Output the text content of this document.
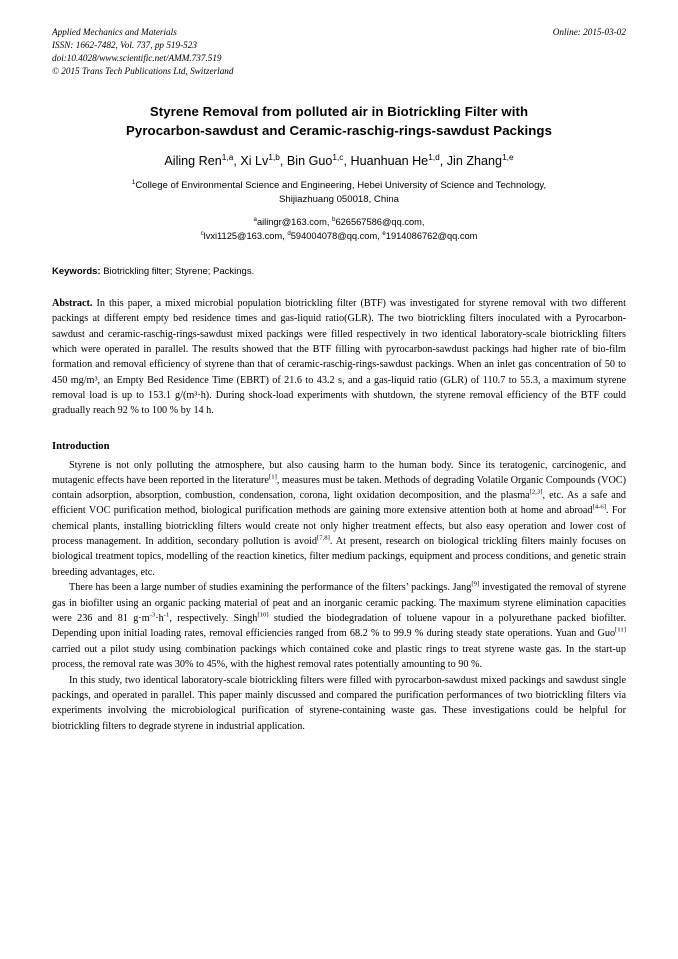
Online: 2015-03-02
Applied Mechanics and Materials
ISSN: 1662-7482, Vol. 737, pp 519-523
doi:10.4028/www.scientific.net/AMM.737.519
© 2015 Trans Tech Publications Ltd, Switzerland
Styrene Removal from polluted air in Biotrickling Filter with
Pyrocarbon-sawdust and Ceramic-raschig-rings-sawdust Packings
Ailing Ren$^{1,a}$, Xi Lv$^{1,b}$, Bin Guo$^{1,c}$, Huanhuan He$^{1,d}$, Jin Zhang$^{1,e}$
$^1$College of Environmental Science and Engineering, Hebei University of Science and Technology,
Shijiazhuang 050018, China
$^a$ailingr@163.com, $^b$626567586@qq.com,
$^c$lvxi1125@163.com, $^d$594004078@qq.com, $^e$1914086762@qq.com
Keywords: Biotrickling filter; Styrene; Packings.
Abstract. In this paper, a mixed microbial population biotrickling filter (BTF) was investigated for styrene removal with two different packings at different empty bed residence times and gas-liquid ratio(GLR). The two biotrickling filters inoculated with a Pyrocarbon-sawdust and ceramic-raschig-rings-sawdust mixed packings were filled respectively in two identical laboratory-scale biotrickling filters which were operated in parallel. The results showed that the BTF filling with pyrocarbon-sawdust packings had higher rate of bio-film formation and removal efficiency of styrene than that of ceramic-raschig-rings-sawdust packings. When an inlet gas concentration of 50 to 450 mg/m³, an Empty Bed Residence Time (EBRT) of 21.6 to 43.2 s, and a gas-liquid ratio (GLR) of 110.7 to 55.3, a maximum styrene removal load is up to 153.1 g/(m³·h). During shock-load experiments with shutdown, the styrene removal efficiency of the BTF could gradually reach 92 % to 100 % by 14 h.
Introduction

Styrene is not only polluting the atmosphere, but also causing harm to the human body. Since its teratogenic, carcinogenic, and mutagenic effects have been reported in the literature[1], measures must be taken. Methods of degrading Volatile Organic Compounds (VOC) contain adsorption, absorption, combustion, condensation, corona, light oxidation decomposition, and the plasma[2,3], etc. As a safe and efficient VOC purification method, biological purification methods are gaining more extensive attention both at home and abroad[4-6]. For chemical plants, installing biotrickling filters would create not only higher treatment effects, but also easy operation and lower cost of process management. In addition, secondary pollution is avoid[7,8]. At present, research on biological trickling filters mainly focuses on biological treatment topics, modelling of the reaction kinetics, filter medium packings, equipment and process conditions, and genetic strain breeding advantages, etc.

There has been a large number of studies examining the performance of the filters’ packings. Jang[9] investigated the removal of styrene gas in biofilter using an organic packing material of peat and an inorganic ceramic packing. The maximum styrene elimination capacities were 236 and 81 $g\cdot m^{-3}\cdot h^{-1}$, respectively. Singh[10] studied the biodegradation of toluene vapour in a polyurethane packed biofilter. Depending upon initial loading rates, removal efficiencies ranged from 68.2 % to 99.9 % during steady state operations. Yuan and Guo[11] carried out a pilot study using combination packings which contained coke and plastic rings to treat styrene waste gas. In the start-up process, the removal rate was 30% to 45%, with the highest removal rates potentially amounting to 90 %.

In this study, two identical laboratory-scale biotrickling filters were filled with pyrocarbon-sawdust mixed packings and sawdust single packings, and operated in parallel. This paper mainly discussed and compared the purification performances of two biotrickling filters via experiments involving the microbiological purification of styrene-containing waste gas. These investigations could be helpful for biotrickling filters to degrade styrene in industrial application.
